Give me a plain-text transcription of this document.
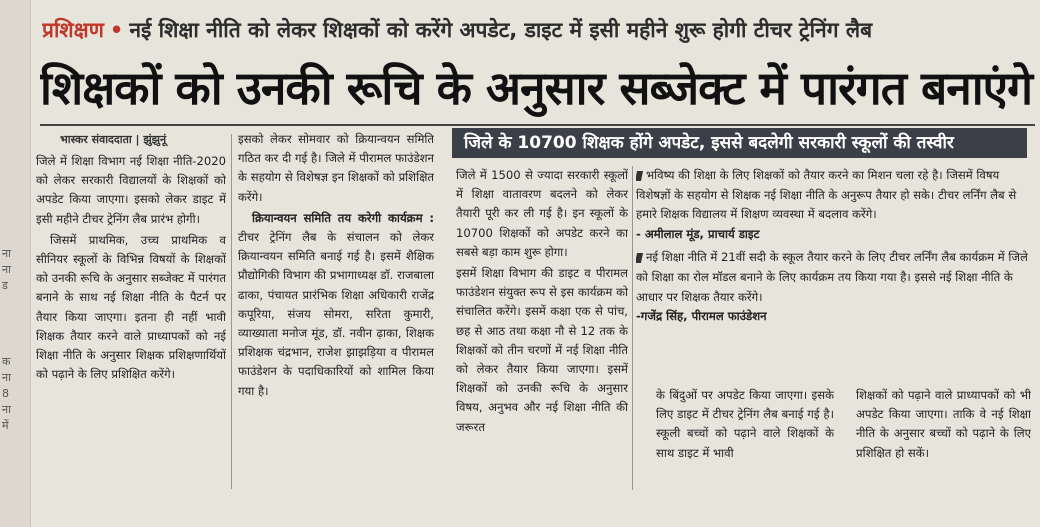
ना
ना
ड
क
ना
8
ना
में
प्रशिक्षण • नई शिक्षा नीति को लेकर शिक्षकों को करेंगे अपडेट, डाइट में इसी महीने शुरू होगी टीचर ट्रेनिंग लैब
शिक्षकों को उनकी रूचि के अनुसार सब्जेक्ट में पारंगत बनाएंगे
भास्कर संवाददाता | झुंझुनूं

जिले में शिक्षा विभाग नई शिक्षा नीति-2020 को लेकर सरकारी विद्यालयों के शिक्षकों को अपडेट किया जाएगा। इसको लेकर डाइट में इसी महीने टीचर ट्रेनिंग लैब प्रारंभ होगी।

जिसमें प्राथमिक, उच्च प्राथमिक व सीनियर स्कूलों के विभिन्न विषयों के शिक्षकों को उनकी रूचि के अनुसार सब्जेक्ट में पारंगत बनाने के साथ नई शिक्षा नीति के पैटर्न पर तैयार किया जाएगा। इतना ही नहीं भावी शिक्षक तैयार करने वाले प्राध्यापकों को नई शिक्षा नीति के अनुसार शिक्षक प्रशिक्षणार्थियों को पढ़ाने के लिए प्रशिक्षित करेंगे।

इसको लेकर सोमवार को क्रियान्वयन समिति गठित कर दी गई है। जिले में पीरामल फाउंडेशन के सहयोग से विशेषज्ञ इन शिक्षकों को प्रशिक्षित करेंगे।

क्रियान्वयन समिति तय करेगी कार्यक्रम : टीचर ट्रेनिंग लैब के संचालन को लेकर क्रियान्वयन समिति बनाई गई है। इसमें शैक्षिक प्रौद्योगिकी विभाग की प्रभागाध्यक्ष डॉ. राजबाला ढाका, पंचायत प्रारंभिक शिक्षा अधिकारी राजेंद्र कपूरिया, संजय सोमरा, सरिता कुमारी, व्याख्याता मनोज मूंड, डॉ. नवीन ढ़ाका, शिक्षक प्रशिक्षक चंद्रभान, राजेश झाझड़िया व पीरामल फाउंडेशन के पदाधिकारियों को शामिल किया गया है।

जिले के 10700 शिक्षक होंगे अपडेट, इससे बदलेगी सरकारी स्कूलों की तस्वीर

जिले में 1500 से ज्यादा सरकारी स्कूलों में शिक्षा वातावरण बदलने को लेकर तैयारी पूरी कर ली गई है। इन स्कूलों के 10700 शिक्षकों को अपडेट करने का सबसे बड़ा काम शुरू होगा।

इसमें शिक्षा विभाग की डाइट व पीरामल फाउंडेशन संयुक्त रूप से इस कार्यक्रम को संचालित करेंगे। इसमें कक्षा एक से पांच, छह से आठ तथा कक्षा नौ से 12 तक के शिक्षकों को तीन चरणों में नई शिक्षा नीति को लेकर तैयार किया जाएगा। इसमें शिक्षकों को उनकी रूचि के अनुसार विषय, अनुभव और नई शिक्षा नीति की जरूरत

भविष्य की शिक्षा के लिए शिक्षकों को तैयार करने का मिशन चला रहे है। जिसमें विषय विशेषज्ञों के सहयोग से शिक्षक नई शिक्षा नीति के अनुरूप तैयार हो सके। टीचर लर्निंग लैब से हमारे शिक्षक विद्यालय में शिक्षण व्यवस्था में बदलाव करेंगे।

- अमीलाल मूंड, प्राचार्य डाइट

नई शिक्षा नीति में 21वीं सदी के स्कूल तैयार करने के लिए टीचर लर्निंग लैब कार्यक्रम में जिले को शिक्षा का रोल मॉडल बनाने के लिए कार्यक्रम तय किया गया है। इससे नई शिक्षा नीति के आधार पर शिक्षक तैयार करेंगे।

-गजेंद्र सिंह, पीरामल फाउंडेशन

के बिंदुओं पर अपडेट किया जाएगा। इसके लिए डाइट में टीचर ट्रेनिंग लैब बनाई गई है। स्कूली बच्चों को पढ़ाने वाले शिक्षकों के साथ डाइट में भावी

शिक्षकों को पढ़ाने वाले प्राध्यापकों को भी अपडेट किया जाएगा। ताकि वे नई शिक्षा नीति के अनुसार बच्चों को पढ़ाने के लिए प्रशिक्षित हो सकें।
